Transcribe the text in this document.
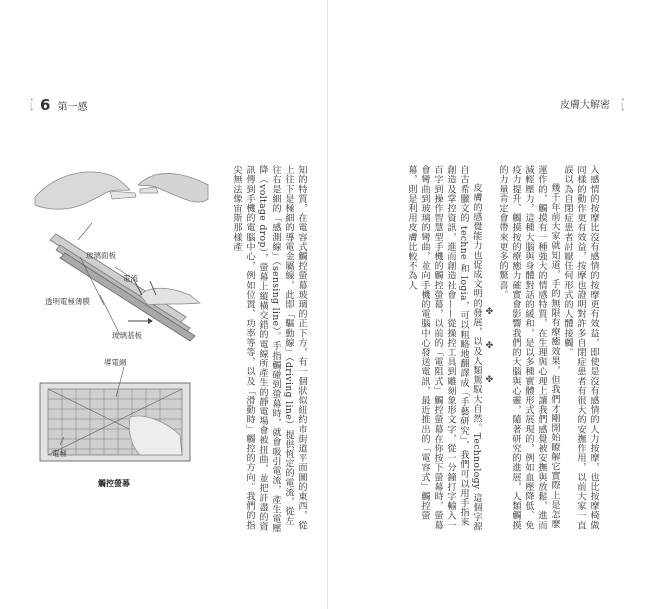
•
|
• 6 第一感
玻璃面板
電流
透明電極薄膜
玻璃基板
導電網
電極
觸控螢幕	知的特質，在電容式觸控螢幕玻璃的正下方，有一個狀似紐約市街道平面圖的東西，從上往下是極細的導電金屬線，此即「驅動線」（driving line）提供恆定的電流，從左往右是細的「感測線」（sensing line）。手指觸碰到螢幕時，就會吸引電流，產生電壓降（voltage drop），螢幕上縱橫交錯的電線所產生的靜電場會被扭曲，並把訐盡的資訊傳到手機的電腦中心，例如位置、功率等等，以及「滑動時」觸控的方向。我們的指尖無法像宙斯那樣產

•
|
•
皮膚大解密

入感情的按摩比沒有感情的按摩更有效益，即使是沒有感情的人力按摩，也比按摩椅做同樣的動作更有效益，按摩也證明對許多自閉症患者有很大的安撫作用，以前大家一直誤以為自閉症患者討厭任何形式的人體接觸。

幾千年前大家就知道，手的無限有療癒效果，但我們才剛開始瞭解它實際上是怎麼運作的，觸摸有一種強大的情感特質，在生理與心理上讓我們感覺被安撫與放鬆，進而減輕壓力，這種大腦與身體對話的緩和，是以多種實體形式展現的，例如血壓降低、免疫力提升、觸摸按的療癒力確實會影響我們的大腦與心靈，隨著研究的進展，人類觸摸的力量肯定會帶來更多的驚喜。

✤ ✤ ✤

皮膚的感覺能力也促成文明的發展，以及人類駕馭大自然。Technology 這個字源自古希臘文的 techne 和 logia，可以粗略地翻譯成「手藝研究」，我們可以用手指來創造及掌控資訊，進而創造社會——從操控工具到雕刻象形文字，從一分鐘打字輸入一百字到操作智慧型手機的觸控螢幕，以前的「電阻式」觸控螢幕在你按下螢幕時，螢幕會彎曲到玻璃的彎曲，並向手機的電腦中心發送電訊，最近推出的「電容式」觸控螢幕，則是利用皮膚比較不為人
